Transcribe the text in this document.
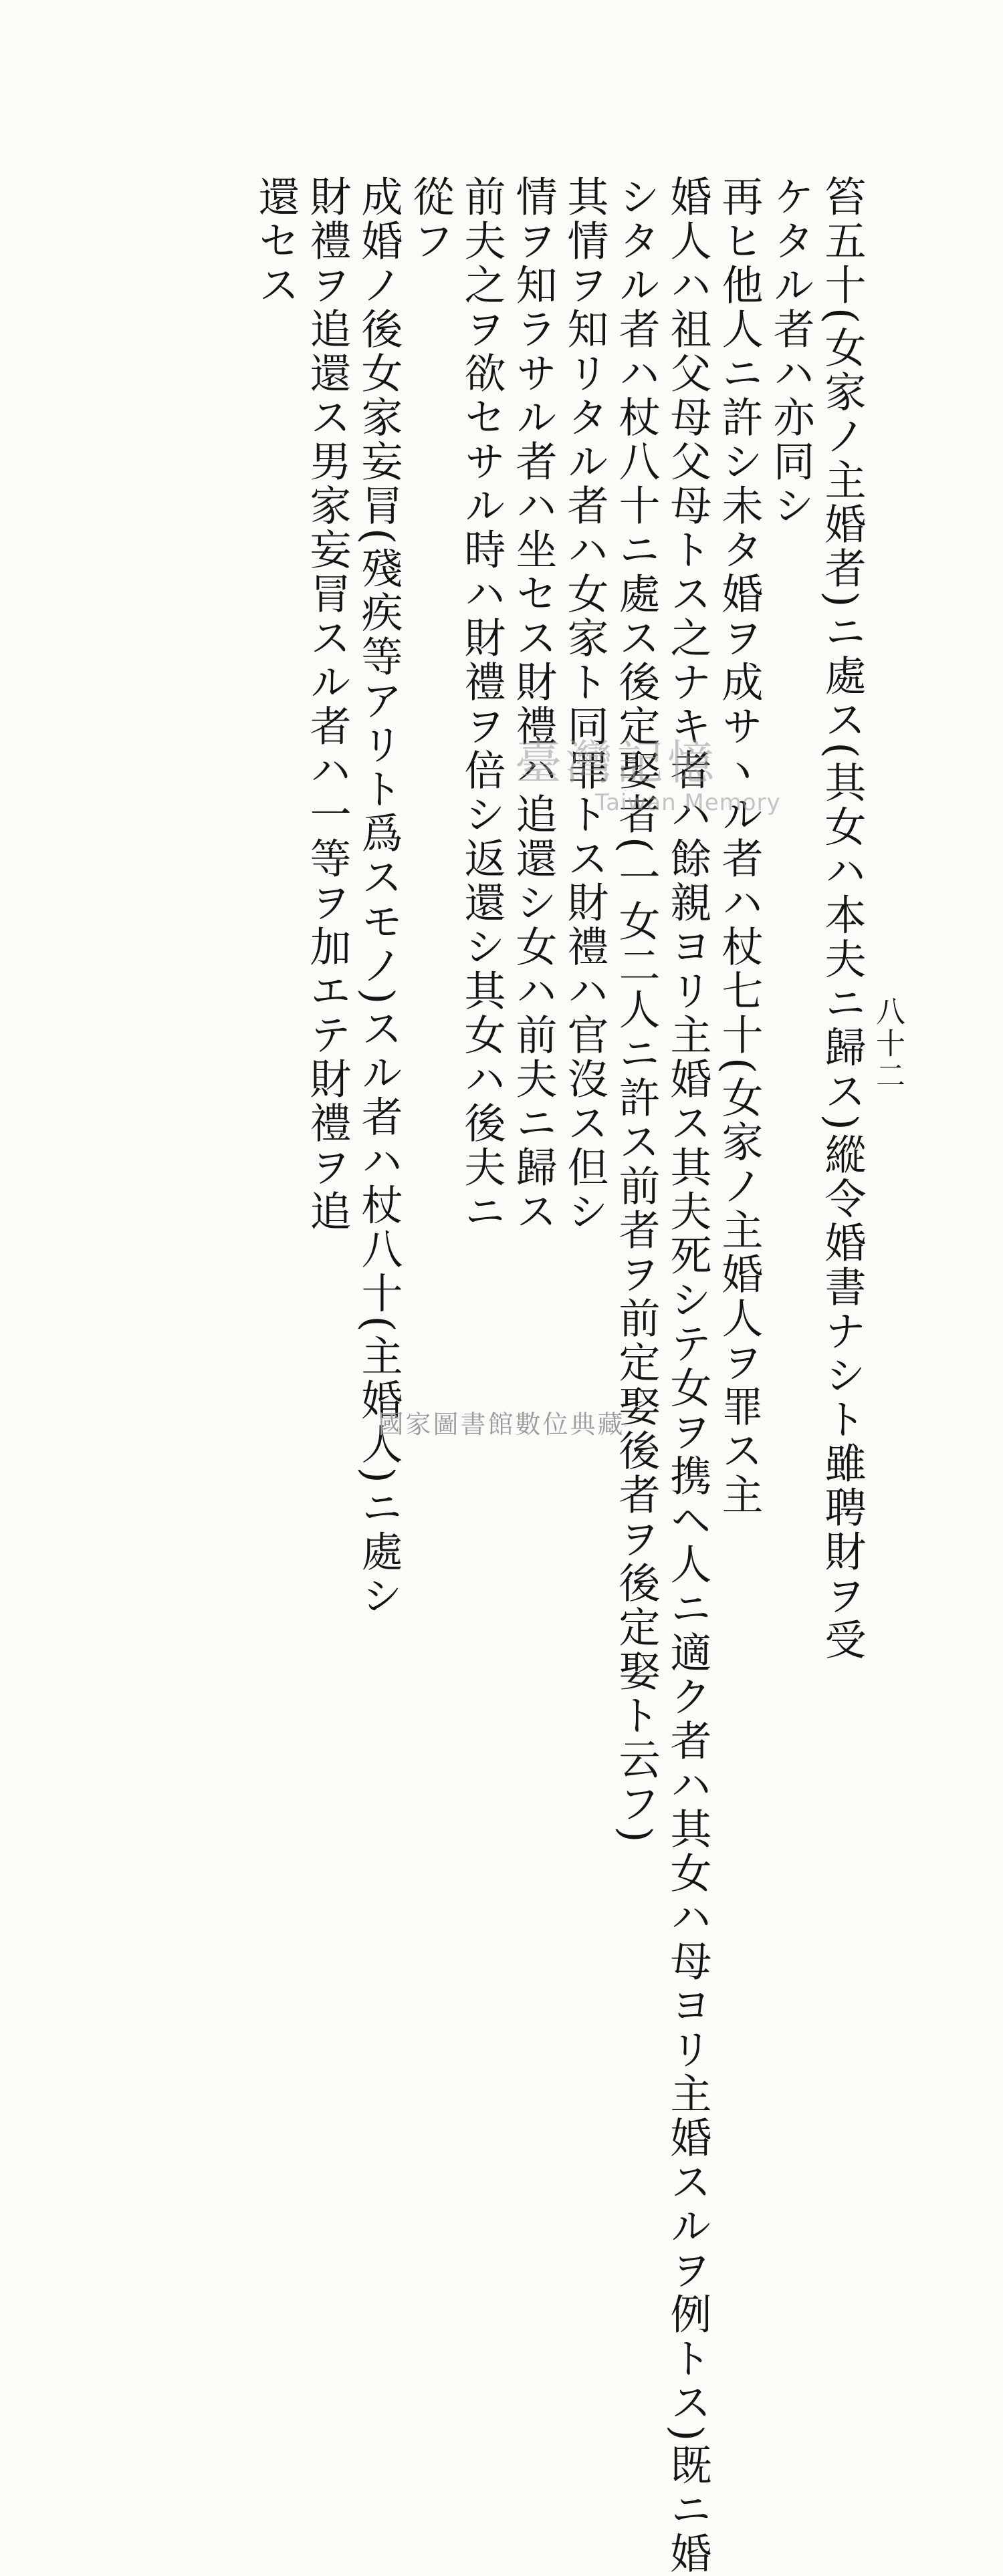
八十二
笞五十(女家ノ主婚者)ニ處ス(其女ハ本夫ニ歸ス)縱令婚書ナシト雖聘財ヲ受
ケタル者ハ亦同シ
再ヒ他人ニ許シ未タ婚ヲ成サヽル者ハ杖七十(女家ノ主婚人ヲ罪ス主
婚人ハ祖父母父母トス之ナキ者ハ餘親ヨリ主婚ス其夫死シテ女ヲ携ヘ人ニ適ク者ハ其女ハ母ヨリ主婚スルヲ例トス)既ニ婚
シタル者ハ杖八十ニ處ス後定娶者(一女二人ニ許ス前者ヲ前定娶後者ヲ後定娶ト云フ)
其情ヲ知リタル者ハ女家ト同罪トス財禮ハ官沒ス但シ
情ヲ知ラサル者ハ坐セス財禮ハ追還シ女ハ前夫ニ歸ス
前夫之ヲ欲セサル時ハ財禮ヲ倍シ返還シ其女ハ後夫ニ
從フ
成婚ノ後女家妄冐(殘疾等アリト爲スモノ)スル者ハ杖八十(主婚人)ニ處シ
財禮ヲ追還ス男家妄冐スル者ハ一等ヲ加エテ財禮ヲ追
還セス
臺灣記憶
Taiwan Memory
國家圖書館數位典藏
